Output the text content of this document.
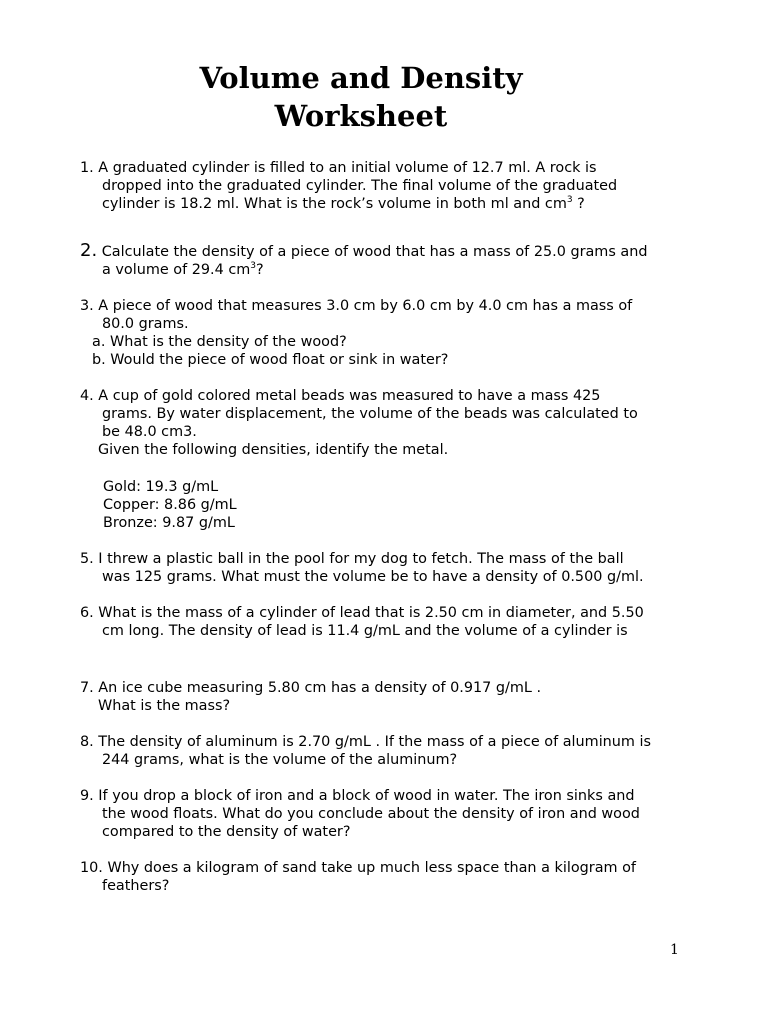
Volume and Density
Worksheet
1. A graduated cylinder is filled to an initial volume of 12.7 ml. A rock is
dropped into the graduated cylinder. The final volume of the graduated
cylinder is 18.2 ml. What is the rock’s volume in both ml and $cm^3$ ?
2. Calculate the density of a piece of wood that has a mass of 25.0 grams and
a volume of 29.4 $cm^3$?
3. A piece of wood that measures 3.0 cm by 6.0 cm by 4.0 cm has a mass of
80.0 grams.
a. What is the density of the wood?
b. Would the piece of wood float or sink in water?
4. A cup of gold colored metal beads was measured to have a mass 425
grams. By water displacement, the volume of the beads was calculated to
be 48.0 cm3.
Given the following densities, identify the metal.
Gold: 19.3 g/mL
Copper: 8.86 g/mL
Bronze: 9.87 g/mL
5. I threw a plastic ball in the pool for my dog to fetch. The mass of the ball
was 125 grams. What must the volume be to have a density of 0.500 g/ml.
6. What is the mass of a cylinder of lead that is 2.50 cm in diameter, and 5.50
cm long. The density of lead is 11.4 g/mL and the volume of a cylinder is
7. An ice cube measuring 5.80 cm has a density of 0.917 g/mL .
What is the mass?
8. The density of aluminum is 2.70 g/mL . If the mass of a piece of aluminum is
244 grams, what is the volume of the aluminum?
9. If you drop a block of iron and a block of wood in water. The iron sinks and
the wood floats. What do you conclude about the density of iron and wood
compared to the density of water?
10. Why does a kilogram of sand take up much less space than a kilogram of
feathers?
1
